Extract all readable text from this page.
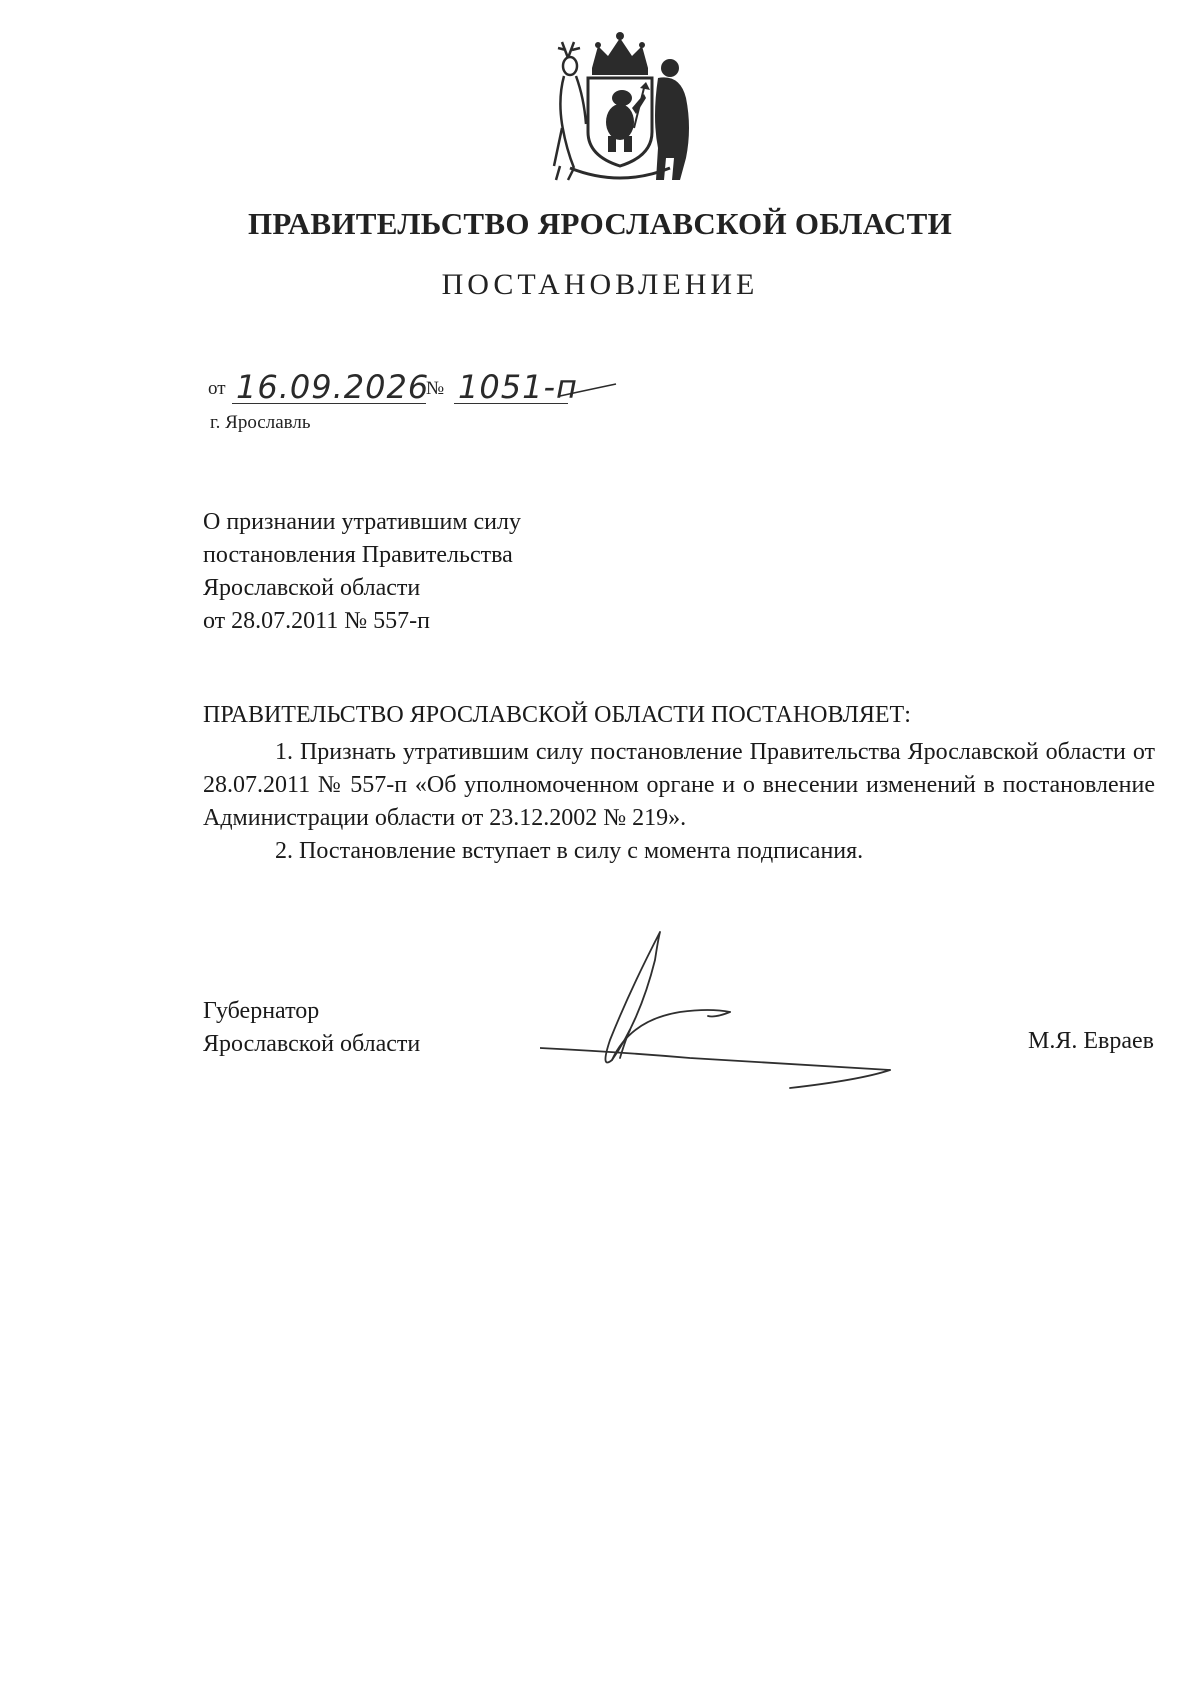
ПРАВИТЕЛЬСТВО ЯРОСЛАВСКОЙ ОБЛАСТИ
ПОСТАНОВЛЕНИЕ
от 16.09.2026
№ 1051-п
г. Ярославль
О признании утратившим силу
постановления Правительства
Ярославской области
от 28.07.2011 № 557-п
ПРАВИТЕЛЬСТВО ЯРОСЛАВСКОЙ ОБЛАСТИ ПОСТАНОВЛЯЕТ:

1. Признать утратившим силу постановление Правительства Ярославской области от 28.07.2011 № 557-п «Об уполномоченном органе и о внесении изменений в постановление Администрации области от 23.12.2002 № 219».

2. Постановление вступает в силу с момента подписания.

Губернатор
Ярославской области	М.Я. Евраев
